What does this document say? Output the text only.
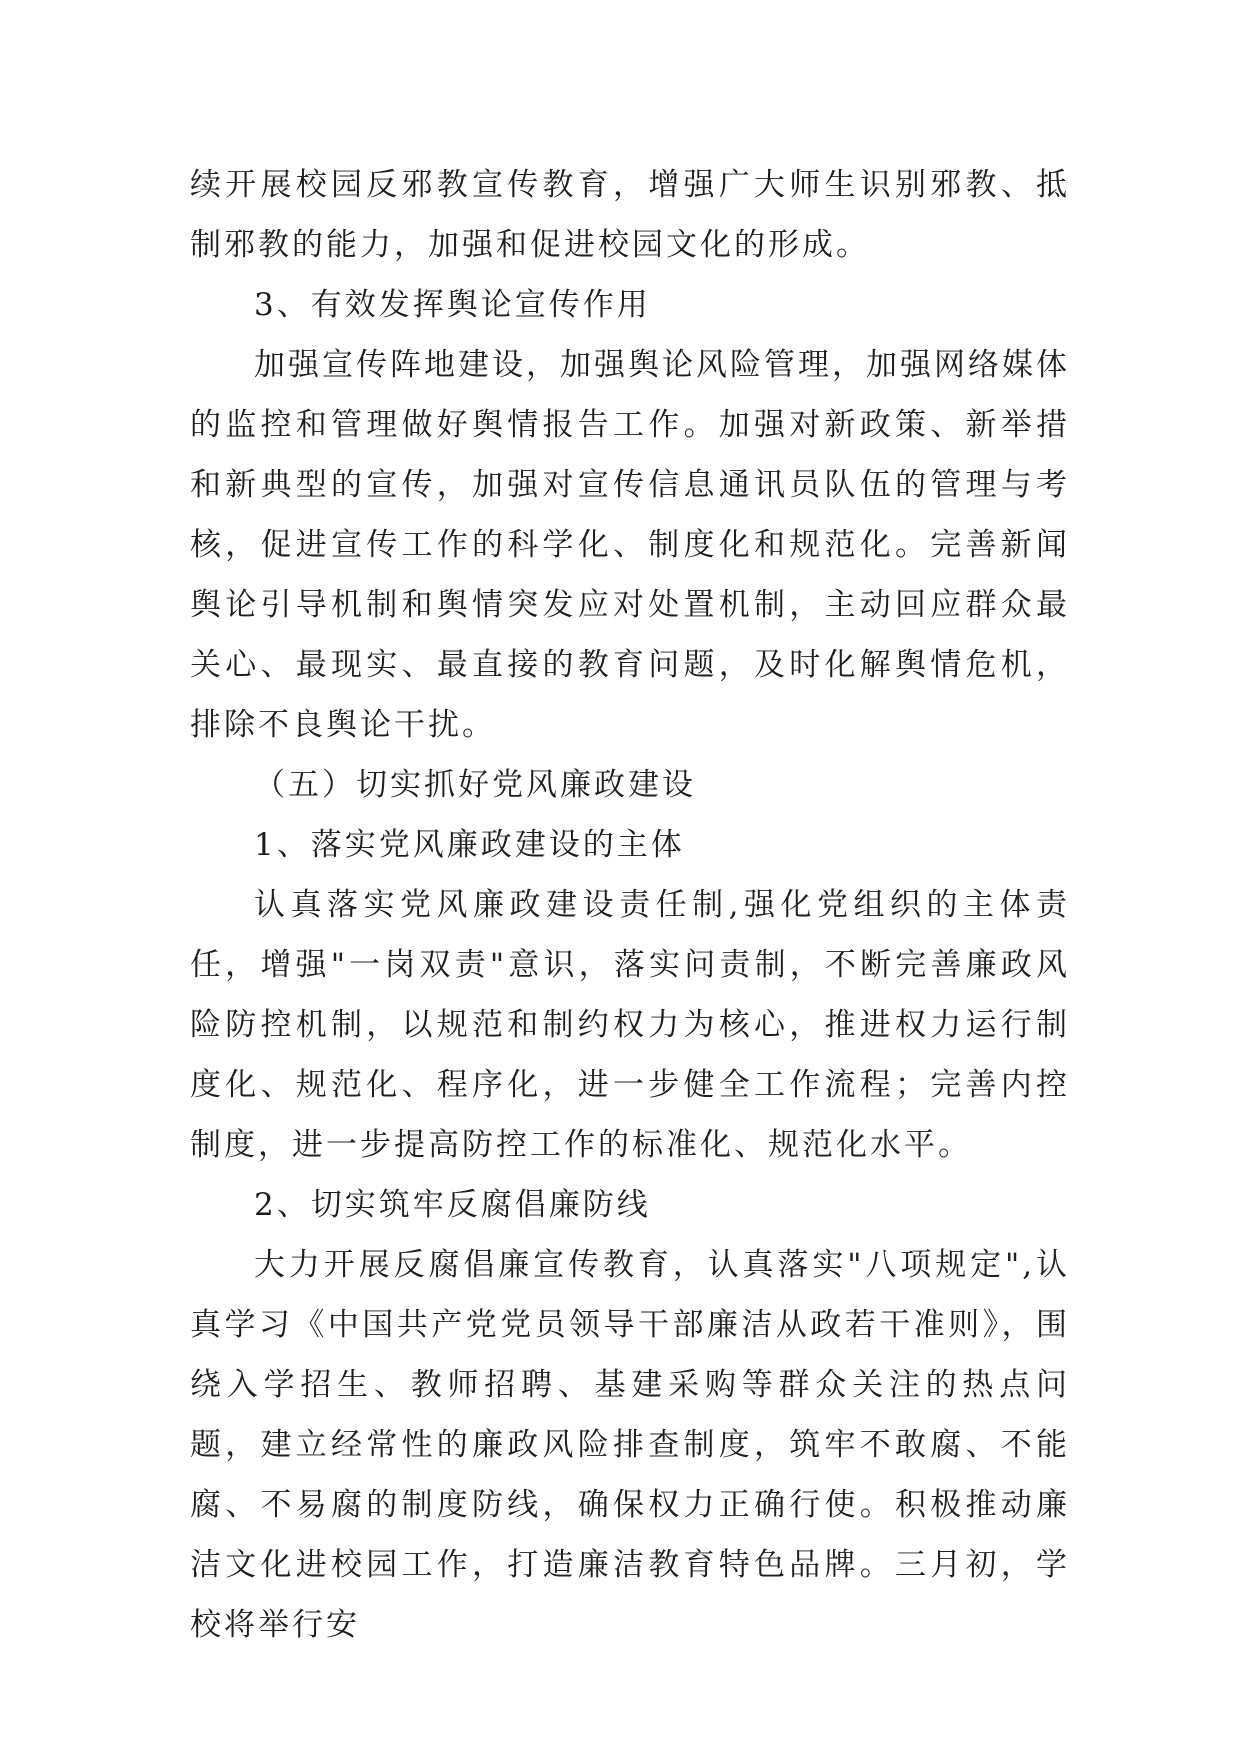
续开展校园反邪教宣传教育，增强广大师生识别邪教、抵制邪教的能力，加强和促进校园文化的形成。

3、有效发挥舆论宣传作用

加强宣传阵地建设，加强舆论风险管理，加强网络媒体的监控和管理做好舆情报告工作。加强对新政策、新举措和新典型的宣传，加强对宣传信息通讯员队伍的管理与考核，促进宣传工作的科学化、制度化和规范化。完善新闻舆论引导机制和舆情突发应对处置机制，主动回应群众最关心、最现实、最直接的教育问题，及时化解舆情危机，排除不良舆论干扰。

（五）切实抓好党风廉政建设

1、落实党风廉政建设的主体

认真落实党风廉政建设责任制,强化党组织的主体责任，增强"一岗双责"意识，落实问责制，不断完善廉政风险防控机制，以规范和制约权力为核心，推进权力运行制度化、规范化、程序化，进一步健全工作流程；完善内控制度，进一步提高防控工作的标准化、规范化水平。

2、切实筑牢反腐倡廉防线

大力开展反腐倡廉宣传教育，认真落实"八项规定",认真学习《中国共产党党员领导干部廉洁从政若干准则》，围绕入学招生、教师招聘、基建采购等群众关注的热点问题，建立经常性的廉政风险排查制度，筑牢不敢腐、不能腐、不易腐的制度防线，确保权力正确行使。积极推动廉洁文化进校园工作，打造廉洁教育特色品牌。三月初，学校将举行安
